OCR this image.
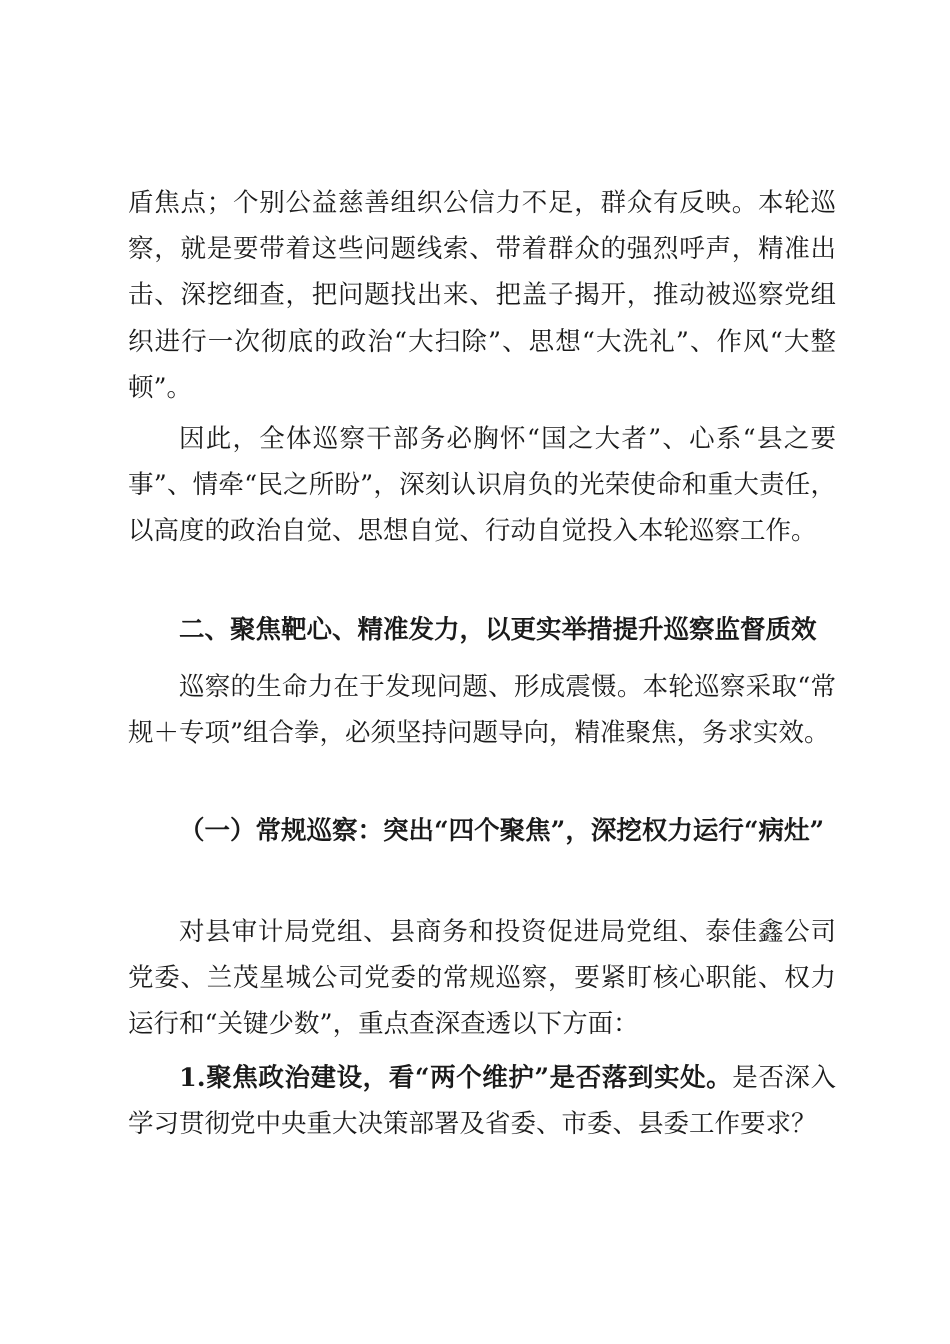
盾焦点；个别公益慈善组织公信力不足，群众有反映。本轮巡察，就是要带着这些问题线索、带着群众的强烈呼声，精准出击、深挖细查，把问题找出来、把盖子揭开，推动被巡察党组织进行一次彻底的政治“大扫除”、思想“大洗礼”、作风“大整顿”。

因此，全体巡察干部务必胸怀“国之大者”、心系“县之要事”、情牵“民之所盼”，深刻认识肩负的光荣使命和重大责任，以高度的政治自觉、思想自觉、行动自觉投入本轮巡察工作。

二、聚焦靶心、精准发力，以更实举措提升巡察监督质效

巡察的生命力在于发现问题、形成震慑。本轮巡察采取“常规＋专项”组合拳，必须坚持问题导向，精准聚焦，务求实效。

（一）常规巡察：突出“四个聚焦”，深挖权力运行“病灶”

对县审计局党组、县商务和投资促进局党组、泰佳鑫公司党委、兰茂星城公司党委的常规巡察，要紧盯核心职能、权力运行和“关键少数”，重点查深查透以下方面：

1.聚焦政治建设，看“两个维护”是否落到实处。是否深入学习贯彻党中央重大决策部署及省委、市委、县委工作要求？
